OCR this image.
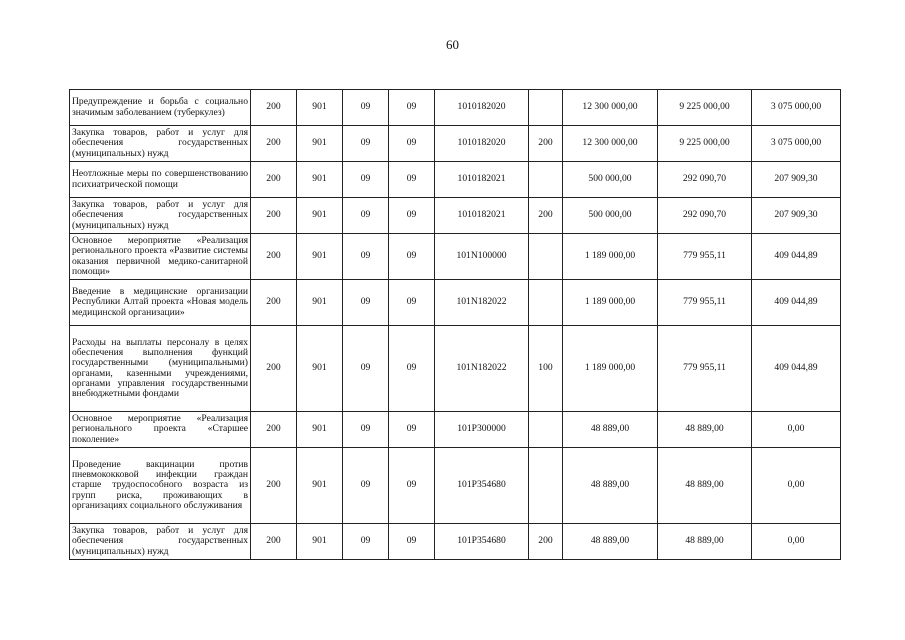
60
Предупреждение и борьба с социально значимым заболеванием (туберкулез)	200	901	09	09	1010182020		12 300 000,00	9 225 000,00	3 075 000,00
Закупка товаров, работ и услуг для обеспечения государственных (муниципальных) нужд	200	901	09	09	1010182020	200	12 300 000,00	9 225 000,00	3 075 000,00
Неотложные меры по совершенствованию психиатрической помощи	200	901	09	09	1010182021		500 000,00	292 090,70	207 909,30
Закупка товаров, работ и услуг для обеспечения государственных (муниципальных) нужд	200	901	09	09	1010182021	200	500 000,00	292 090,70	207 909,30
Основное мероприятие «Реализация регионального проекта «Развитие системы оказания первичной медико-санитарной помощи»	200	901	09	09	101N100000		1 189 000,00	779 955,11	409 044,89
Введение в медицинские организации Республики Алтай проекта «Новая модель медицинской организации»	200	901	09	09	101N182022		1 189 000,00	779 955,11	409 044,89
Расходы на выплаты персоналу в целях обеспечения выполнения функций государственными (муниципальными) органами, казенными учреждениями, органами управления государственными внебюджетными фондами	200	901	09	09	101N182022	100	1 189 000,00	779 955,11	409 044,89
Основное мероприятие «Реализация регионального проекта «Старшее поколение»	200	901	09	09	101P300000		48 889,00	48 889,00	0,00
Проведение вакцинации против пневмококковой инфекции граждан старше трудоспособного возраста из групп риска, проживающих в организациях социального обслуживания	200	901	09	09	101P354680		48 889,00	48 889,00	0,00
Закупка товаров, работ и услуг для обеспечения государственных (муниципальных) нужд	200	901	09	09	101P354680	200	48 889,00	48 889,00	0,00
